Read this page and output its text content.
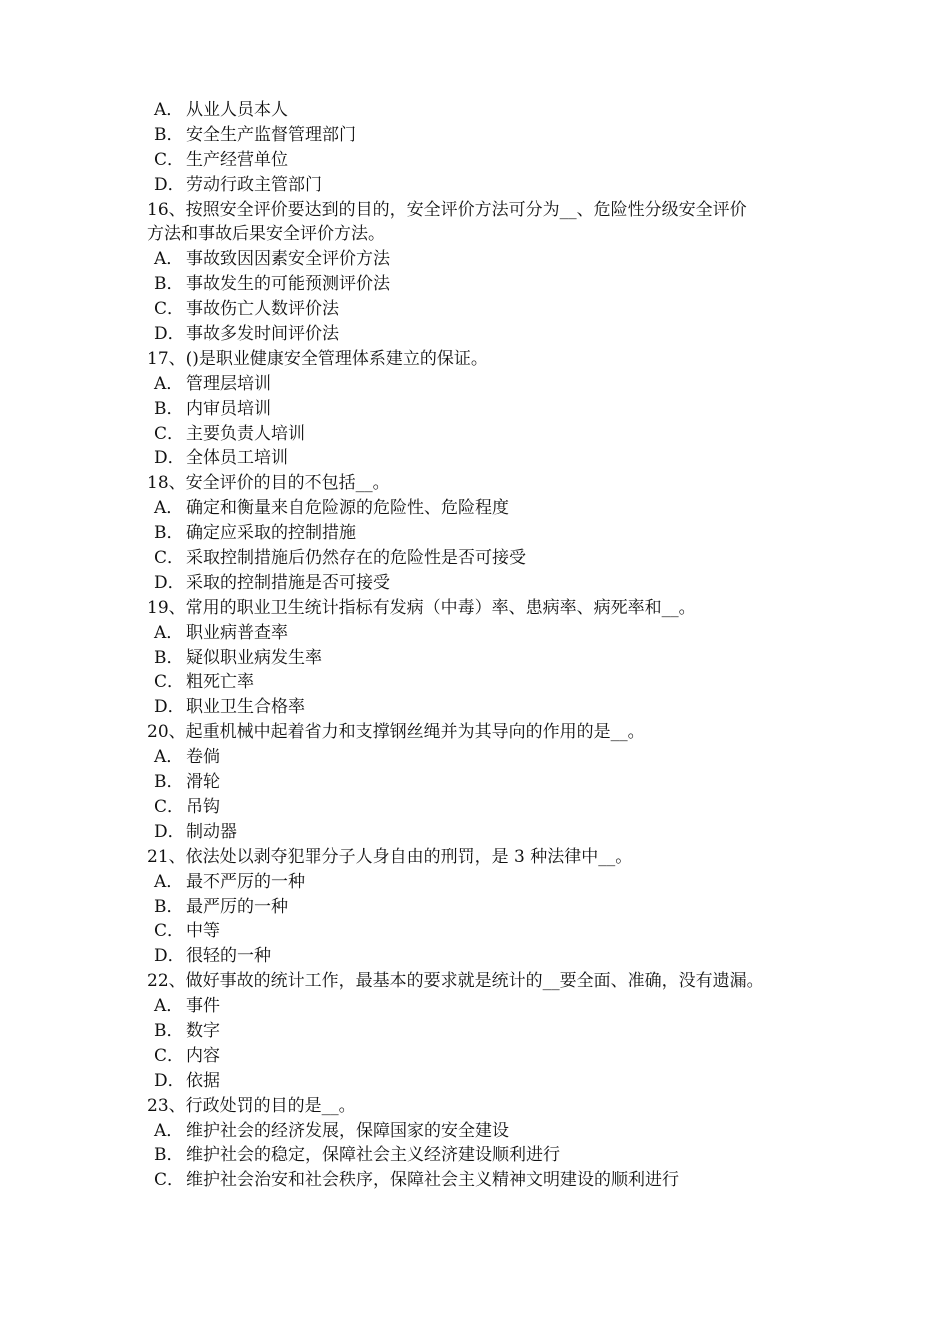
A． 从业人员本人
B． 安全生产监督管理部门
C． 生产经营单位
D．劳动行政主管部门
16、按照安全评价要达到的目的，安全评价方法可分为__、危险性分级安全评价
方法和事故后果安全评价方法。
A． 事故致因因素安全评价方法
B． 事故发生的可能预测评价法
C． 事故伤亡人数评价法
D．事故多发时间评价法
17、()是职业健康安全管理体系建立的保证。
A． 管理层培训
B． 内审员培训
C． 主要负责人培训
D．全体员工培训
18、安全评价的目的不包括__。
A． 确定和衡量来自危险源的危险性、危险程度
B． 确定应采取的控制措施
C． 采取控制措施后仍然存在的危险性是否可接受
D．采取的控制措施是否可接受
19、常用的职业卫生统计指标有发病（中毒）率、患病率、病死率和__。
A． 职业病普查率
B． 疑似职业病发生率
C． 粗死亡率
D．职业卫生合格率
20、起重机械中起着省力和支撑钢丝绳并为其导向的作用的是__。
A． 卷倘
B． 滑轮
C． 吊钩
D．制动器
21、依法处以剥夺犯罪分子人身自由的刑罚，是 3 种法律中__。
A． 最不严厉的一种
B． 最严厉的一种
C． 中等
D．很轻的一种
22、做好事故的统计工作，最基本的要求就是统计的__要全面、准确，没有遗漏。
A． 事件
B． 数字
C． 内容
D．依据
23、行政处罚的目的是__。
A． 维护社会的经济发展，保障国家的安全建设
B． 维护社会的稳定，保障社会主义经济建设顺利进行
C． 维护社会治安和社会秩序，保障社会主义精神文明建设的顺利进行
